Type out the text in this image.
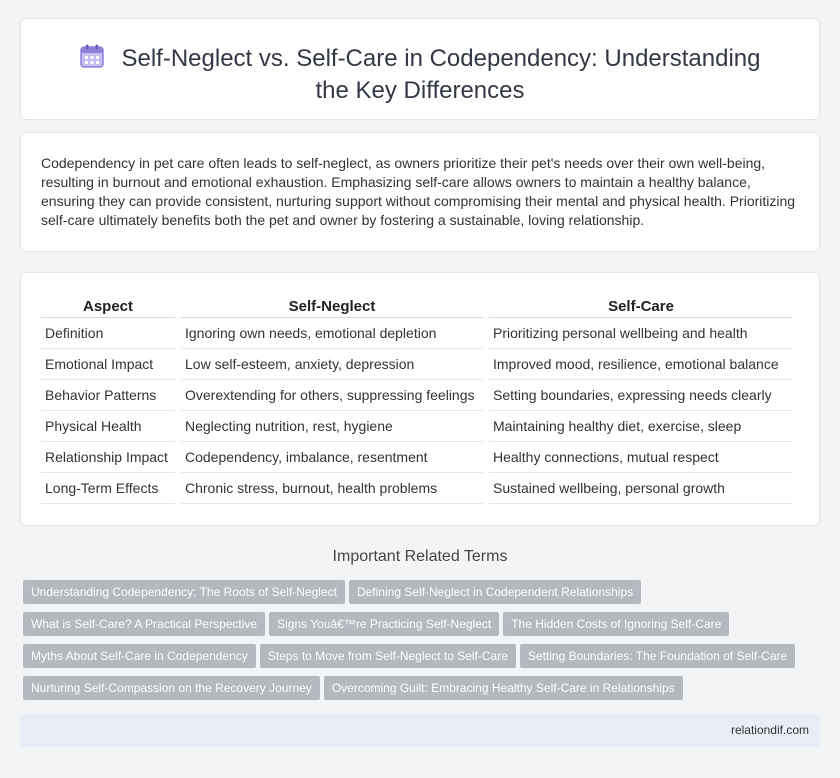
Self-Neglect vs. Self-Care in Codependency: Understanding the Key Differences

Codependency in pet care often leads to self-neglect, as owners prioritize their pet's needs over their own well-being, resulting in burnout and emotional exhaustion. Emphasizing self-care allows owners to maintain a healthy balance, ensuring they can provide consistent, nurturing support without compromising their mental and physical health. Prioritizing self-care ultimately benefits both the pet and owner by fostering a sustainable, loving relationship.

Aspect	Self-Neglect	Self-Care
Definition	Ignoring own needs, emotional depletion	Prioritizing personal wellbeing and health
Emotional Impact	Low self-esteem, anxiety, depression	Improved mood, resilience, emotional balance
Behavior Patterns	Overextending for others, suppressing feelings	Setting boundaries, expressing needs clearly
Physical Health	Neglecting nutrition, rest, hygiene	Maintaining healthy diet, exercise, sleep
Relationship Impact	Codependency, imbalance, resentment	Healthy connections, mutual respect
Long-Term Effects	Chronic stress, burnout, health problems	Sustained wellbeing, personal growth
Important Related Terms
Understanding Codependency: The Roots of Self-Neglect Defining Self-Neglect in Codependent Relationships
What is Self-Care? A Practical Perspective Signs Youâ€™re Practicing Self-Neglect The Hidden Costs of Ignoring Self-Care
Myths About Self-Care in Codependency Steps to Move from Self-Neglect to Self-Care Setting Boundaries: The Foundation of Self-Care
Nurturing Self-Compassion on the Recovery Journey Overcoming Guilt: Embracing Healthy Self-Care in Relationships
relationdif.com
